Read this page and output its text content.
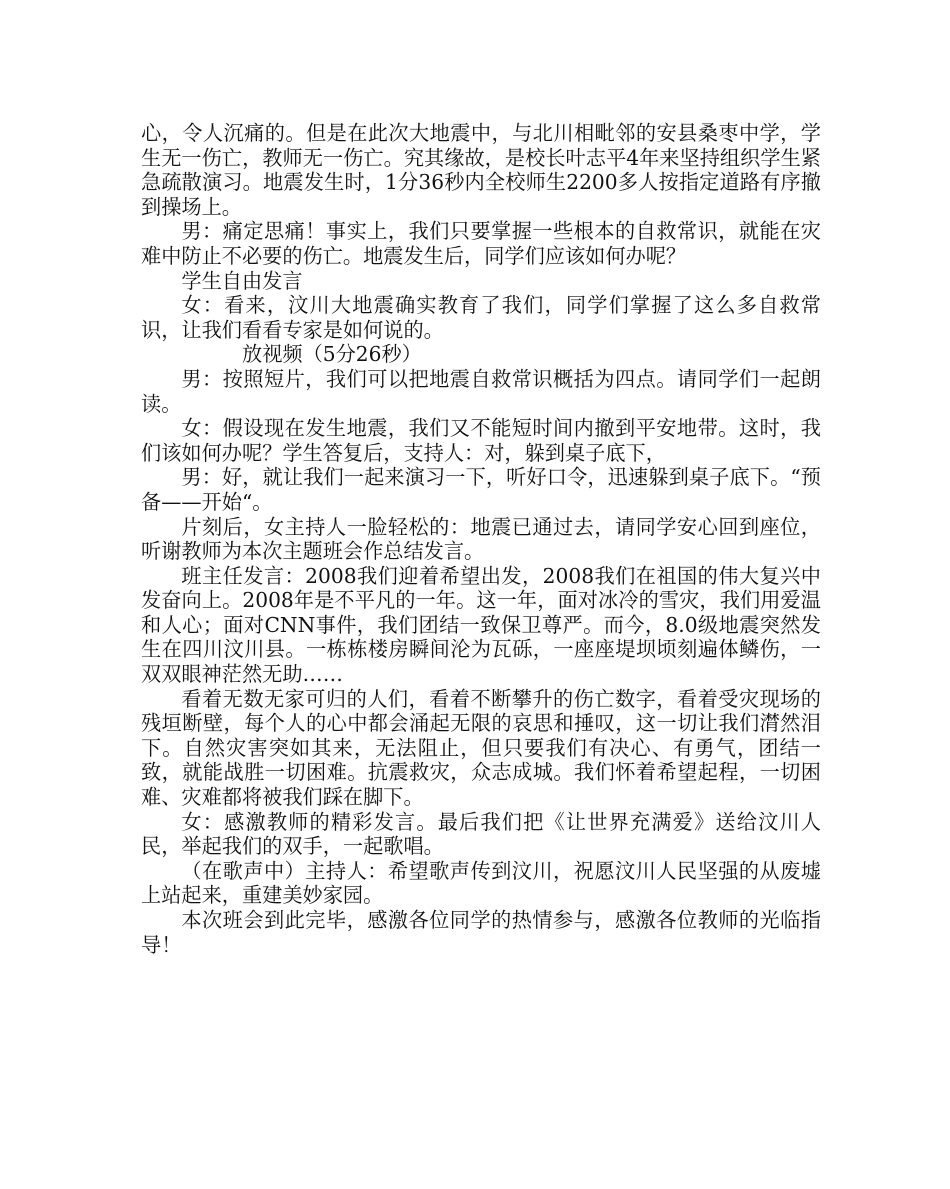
心，令人沉痛的。但是在此次大地震中，与北川相毗邻的安县桑枣中学，学生无一伤亡，教师无一伤亡。究其缘故，是校长叶志平4年来坚持组织学生紧急疏散演习。地震发生时，1分36秒内全校师生2200多人按指定道路有序撤到操场上。

男：痛定思痛！事实上，我们只要掌握一些根本的自救常识，就能在灾难中防止不必要的伤亡。地震发生后，同学们应该如何办呢？

学生自由发言

女：看来，汶川大地震确实教育了我们，同学们掌握了这么多自救常识，让我们看看专家是如何说的。

放视频（5分26秒）

男：按照短片，我们可以把地震自救常识概括为四点。请同学们一起朗读。

女：假设现在发生地震，我们又不能短时间内撤到平安地带。这时，我们该如何办呢？学生答复后，支持人：对，躲到桌子底下，

男：好，就让我们一起来演习一下，听好口令，迅速躲到桌子底下。“预备——开始“。

片刻后，女主持人一脸轻松的：地震已通过去，请同学安心回到座位，听谢教师为本次主题班会作总结发言。

班主任发言：2008我们迎着希望出发，2008我们在祖国的伟大复兴中发奋向上。2008年是不平凡的一年。这一年，面对冰冷的雪灾，我们用爱温和人心；面对CNN事件，我们团结一致保卫尊严。而今，8.0级地震突然发生在四川汶川县。一栋栋楼房瞬间沦为瓦砾，一座座堤坝顷刻遍体鳞伤，一双双眼神茫然无助……

看着无数无家可归的人们，看着不断攀升的伤亡数字，看着受灾现场的残垣断壁，每个人的心中都会涌起无限的哀思和捶叹，这一切让我们潸然泪下。自然灾害突如其来，无法阻止，但只要我们有决心、有勇气，团结一致，就能战胜一切困难。抗震救灾，众志成城。我们怀着希望起程，一切困难、灾难都将被我们踩在脚下。

女：感激教师的精彩发言。最后我们把《让世界充满爱》送给汶川人民，举起我们的双手，一起歌唱。

（在歌声中）主持人：希望歌声传到汶川，祝愿汶川人民坚强的从废墟上站起来，重建美妙家园。

本次班会到此完毕，感激各位同学的热情参与，感激各位教师的光临指导！
